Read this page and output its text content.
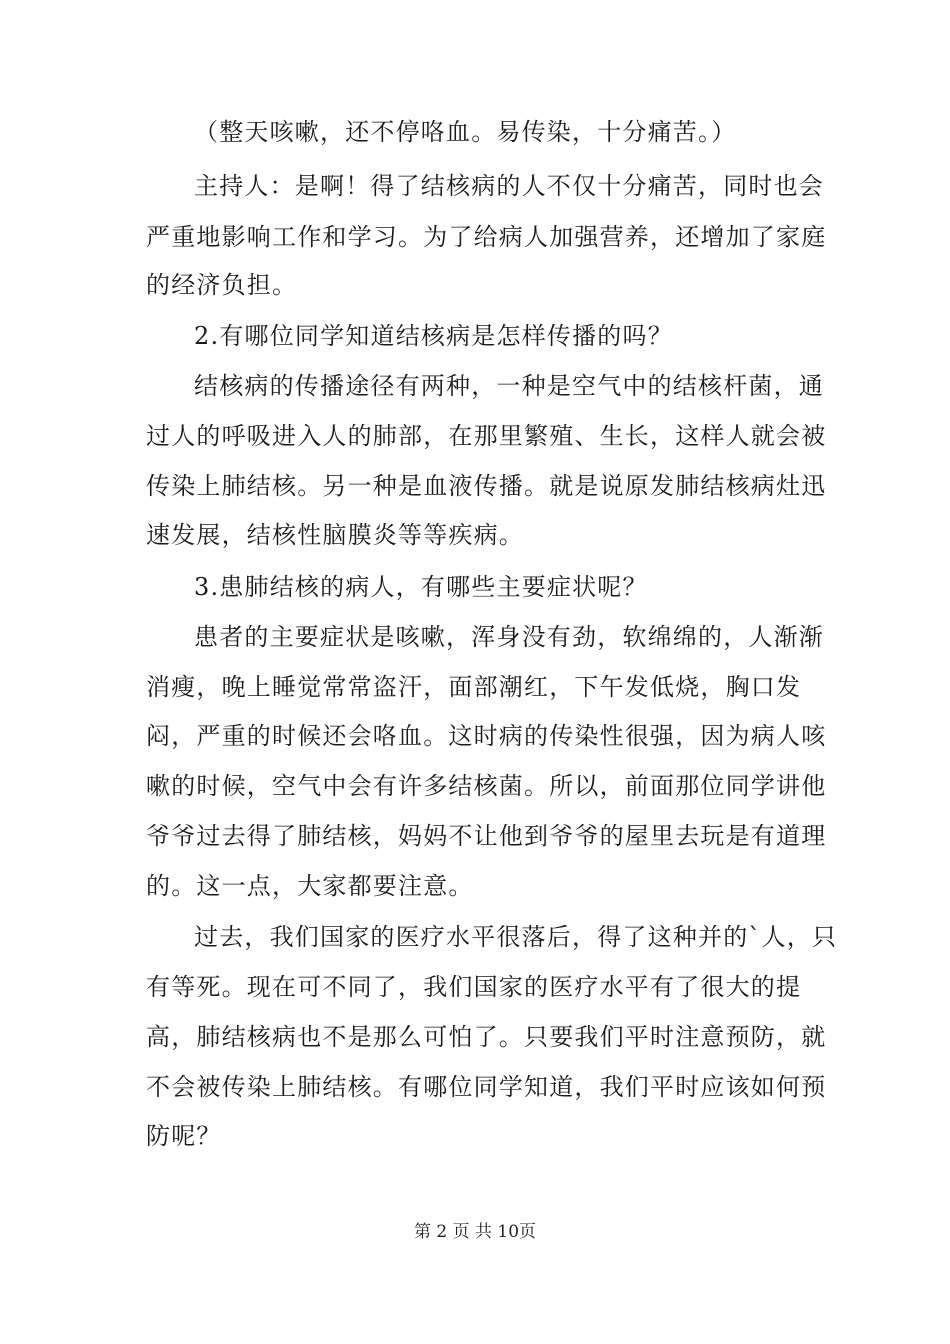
（整天咳嗽，还不停咯血。易传染，十分痛苦。）
主持人：是啊！得了结核病的人不仅十分痛苦，同时也会
严重地影响工作和学习。为了给病人加强营养，还增加了家庭
的经济负担。
2.有哪位同学知道结核病是怎样传播的吗？
结核病的传播途径有两种，一种是空气中的结核杆菌，通
过人的呼吸进入人的肺部，在那里繁殖、生长，这样人就会被
传染上肺结核。另一种是血液传播。就是说原发肺结核病灶迅
速发展，结核性脑膜炎等等疾病。
3.患肺结核的病人，有哪些主要症状呢？
患者的主要症状是咳嗽，浑身没有劲，软绵绵的，人渐渐
消瘦，晚上睡觉常常盗汗，面部潮红，下午发低烧，胸口发
闷，严重的时候还会咯血。这时病的传染性很强，因为病人咳
嗽的时候，空气中会有许多结核菌。所以，前面那位同学讲他
爷爷过去得了肺结核，妈妈不让他到爷爷的屋里去玩是有道理
的。这一点，大家都要注意。
过去，我们国家的医疗水平很落后，得了这种并的`人，只
有等死。现在可不同了，我们国家的医疗水平有了很大的提
高，肺结核病也不是那么可怕了。只要我们平时注意预防，就
不会被传染上肺结核。有哪位同学知道，我们平时应该如何预
防呢？
第 2 页 共 10页
